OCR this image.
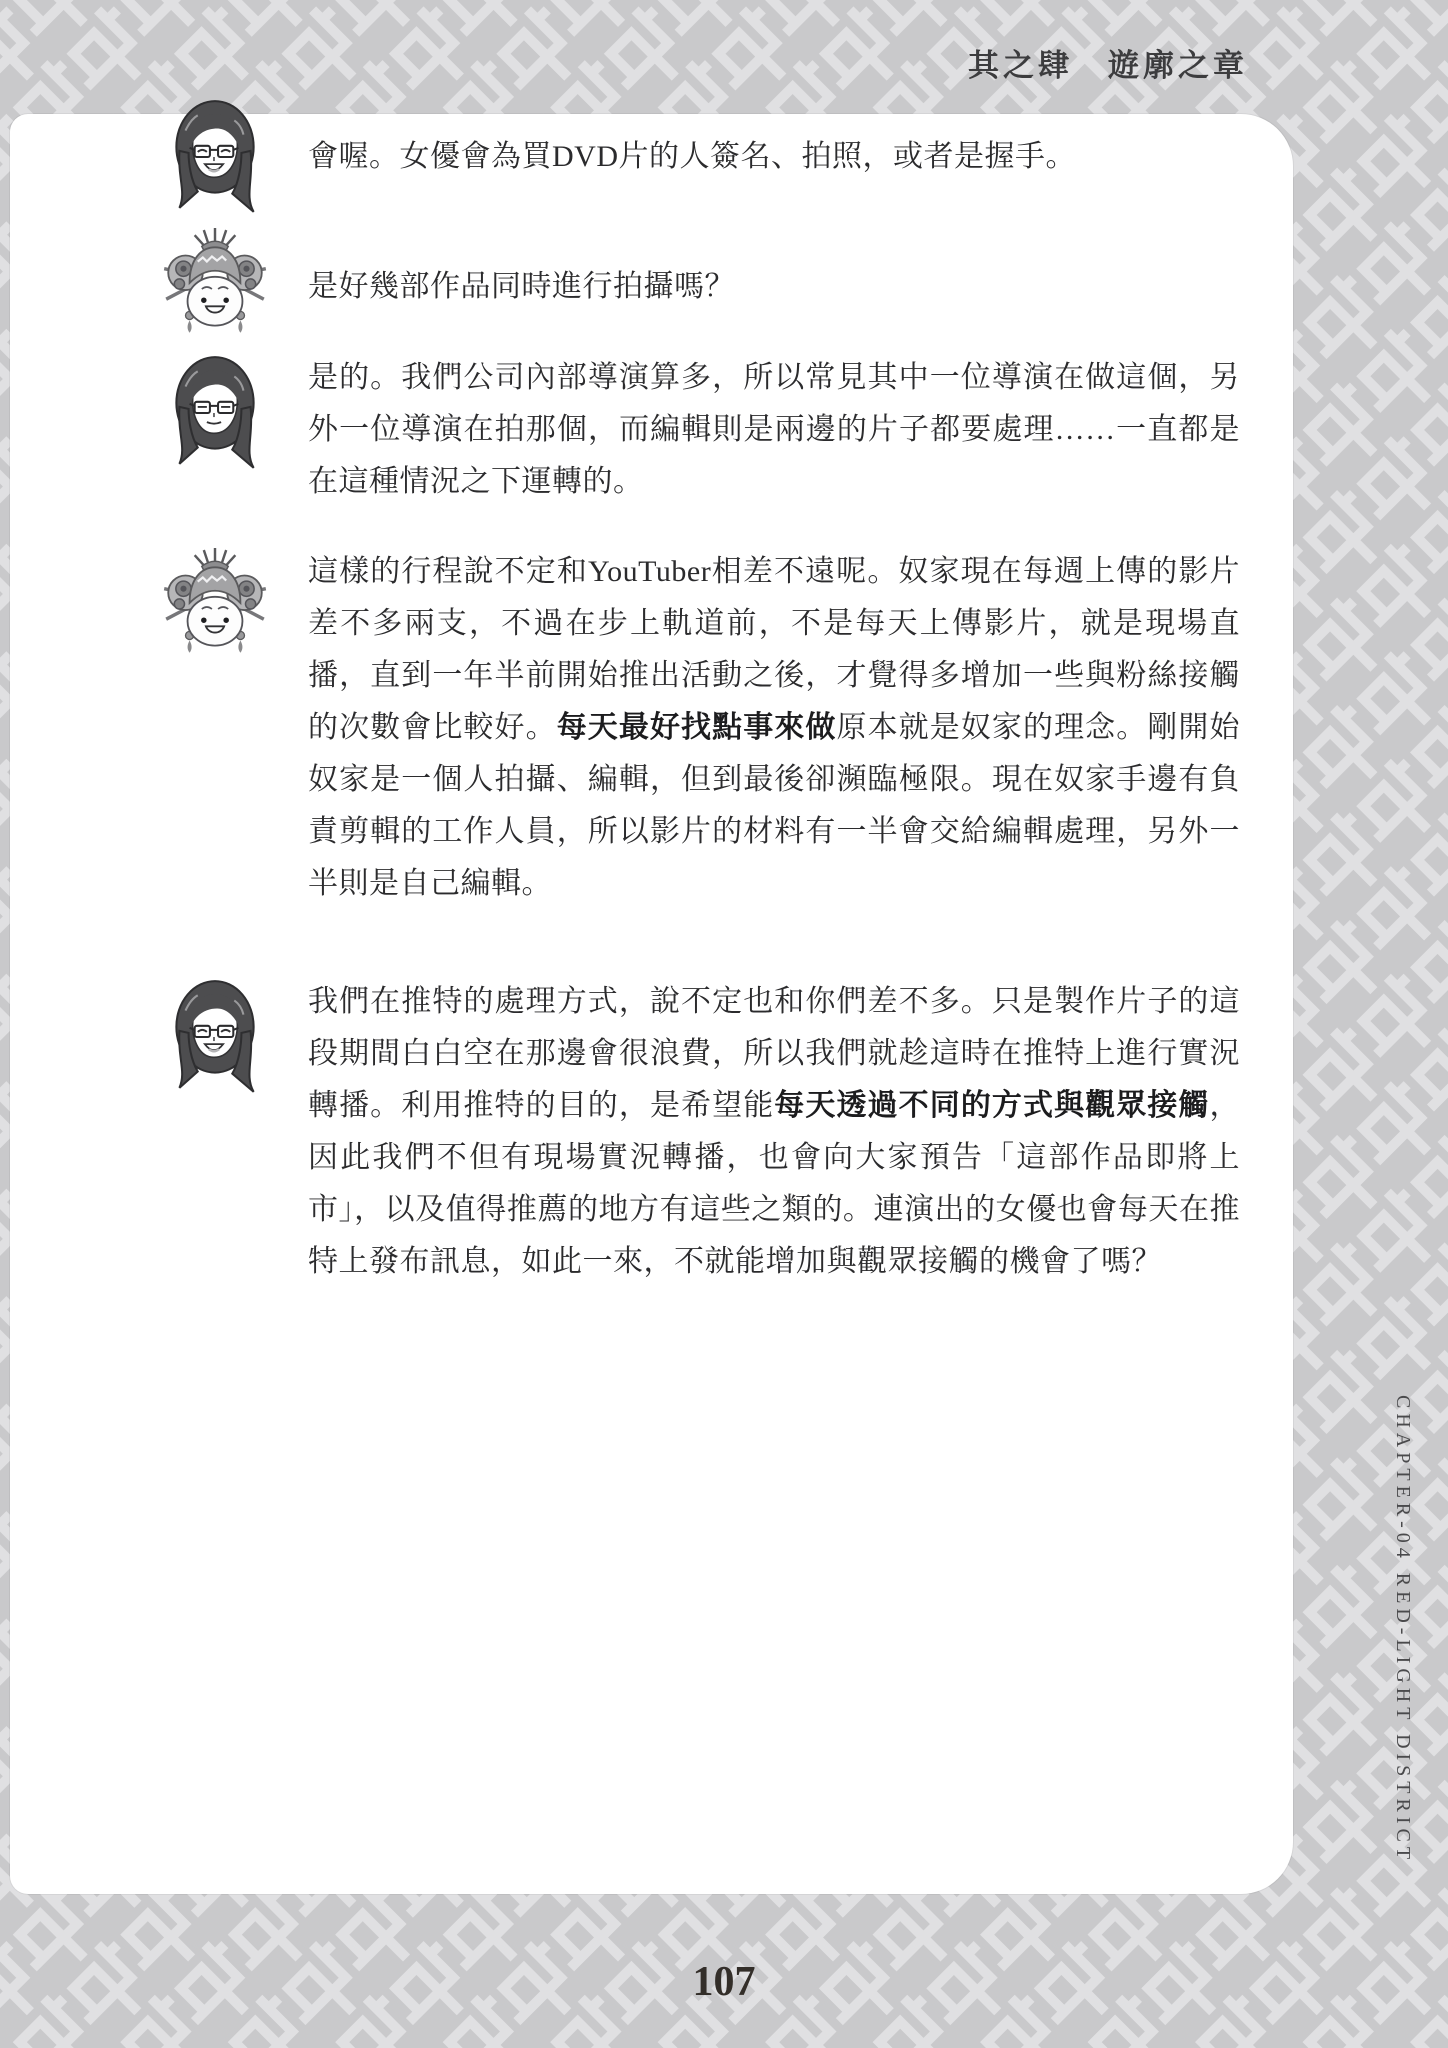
其之肆　遊廓之章
會喔。女優會為買DVD片的人簽名、拍照，或者是握手。
是好幾部作品同時進行拍攝嗎？
是的。我們公司內部導演算多，所以常見其中一位導演在做這個，另外一位導演在拍那個，而編輯則是兩邊的片子都要處理……一直都是在這種情況之下運轉的。
這樣的行程說不定和YouTuber相差不遠呢。奴家現在每週上傳的影片差不多兩支，不過在步上軌道前，不是每天上傳影片，就是現場直播，直到一年半前開始推出活動之後，才覺得多增加一些與粉絲接觸的次數會比較好。每天最好找點事來做原本就是奴家的理念。剛開始奴家是一個人拍攝、編輯，但到最後卻瀕臨極限。現在奴家手邊有負責剪輯的工作人員，所以影片的材料有一半會交給編輯處理，另外一半則是自己編輯。
我們在推特的處理方式，說不定也和你們差不多。只是製作片子的這段期間白白空在那邊會很浪費，所以我們就趁這時在推特上進行實況轉播。利用推特的目的，是希望能每天透過不同的方式與觀眾接觸，因此我們不但有現場實況轉播，也會向大家預告「這部作品即將上市」，以及值得推薦的地方有這些之類的。連演出的女優也會每天在推特上發布訊息，如此一來，不就能增加與觀眾接觸的機會了嗎？
CHAPTER-04 RED-LIGHT DISTRICT
107
